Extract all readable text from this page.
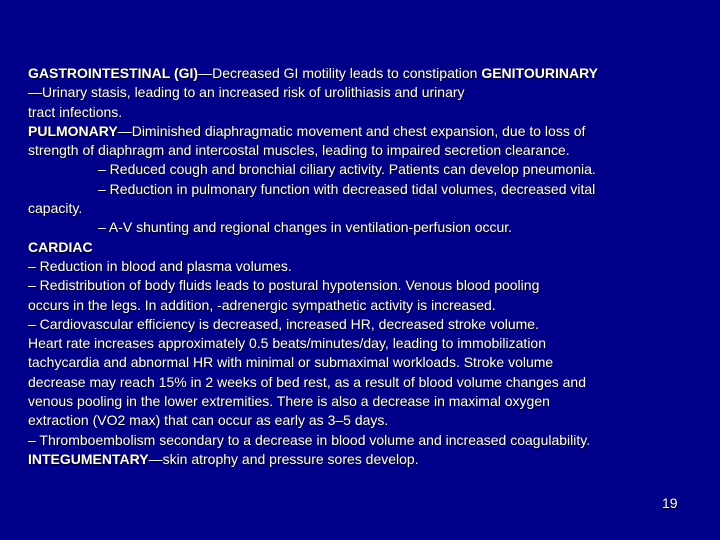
GASTROINTESTINAL (GI)—Decreased GI motility leads to constipation GENITOURINARY
—Urinary stasis, leading to an increased risk of urolithiasis and urinary
tract infections.
PULMONARY—Diminished diaphragmatic movement and chest expansion, due to loss of
strength of diaphragm and intercostal muscles, leading to impaired secretion clearance.
– Reduced cough and bronchial ciliary activity. Patients can develop pneumonia.
– Reduction in pulmonary function with decreased tidal volumes, decreased vital
capacity.
– A-V shunting and regional changes in ventilation-perfusion occur.
CARDIAC
– Reduction in blood and plasma volumes.
– Redistribution of body fluids leads to postural hypotension. Venous blood pooling
occurs in the legs. In addition, -adrenergic sympathetic activity is increased.
– Cardiovascular efficiency is decreased, increased HR, decreased stroke volume.
Heart rate increases approximately 0.5 beats/minutes/day, leading to immobilization
tachycardia and abnormal HR with minimal or submaximal workloads. Stroke volume
decrease may reach 15% in 2 weeks of bed rest, as a result of blood volume changes and
venous pooling in the lower extremities. There is also a decrease in maximal oxygen
extraction (VO2 max) that can occur as early as 3–5 days.
– Thromboembolism secondary to a decrease in blood volume and increased coagulability.
INTEGUMENTARY—skin atrophy and pressure sores develop.
19
